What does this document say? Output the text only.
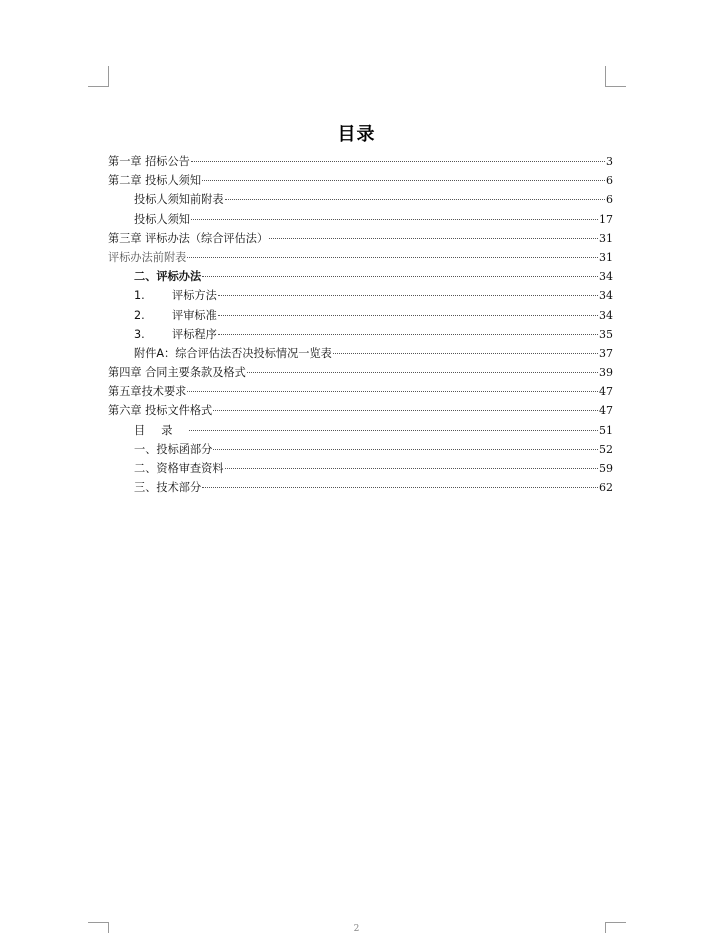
目录
第一章 招标公告	3
第二章 投标人须知	6
投标人须知前附表	6
投标人须知	17
第三章 评标办法（综合评估法）	31
评标办法前附表	31
二、评标办法	34
1. 评标方法	34
2. 评审标准	34
3. 评标程序	35
附件A：综合评估法否决投标情况一览表	37
第四章 合同主要条款及格式	39
第五章技术要求	47
第六章 投标文件格式	47
目录	51
一、投标函部分	52
二、资格审查资料	59
三、技术部分	62
2
